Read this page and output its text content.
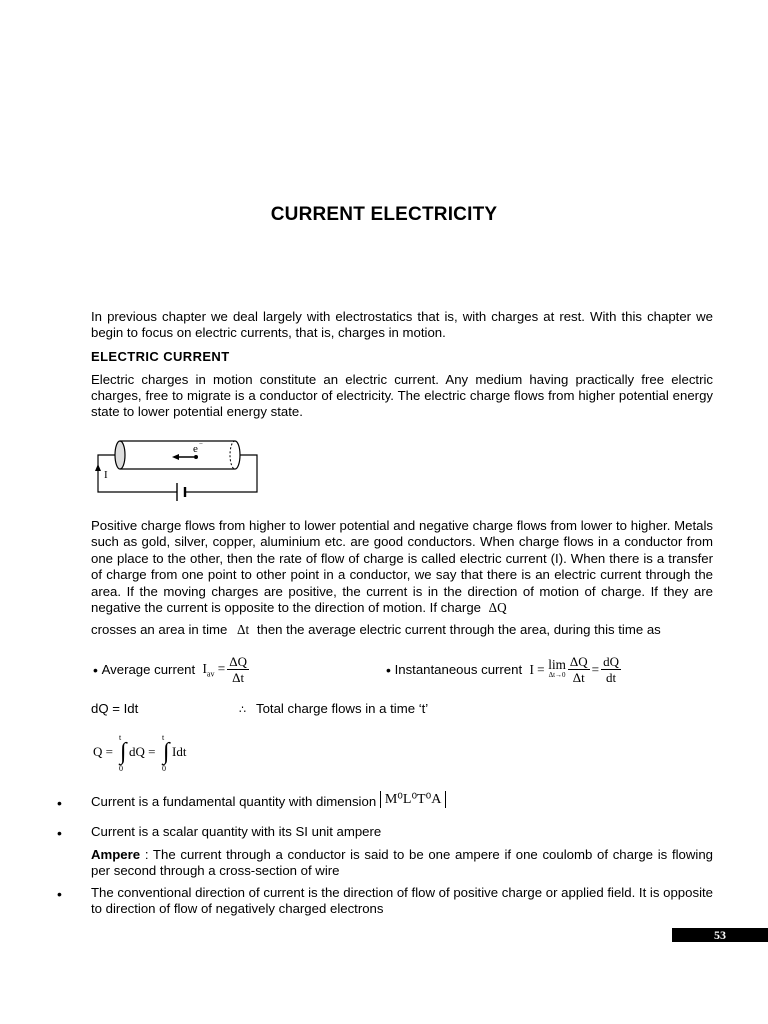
CURRENT ELECTRICITY
In previous chapter we deal largely with electrostatics that is, with charges at rest. With this chapter we begin to focus on electric currents, that is, charges in motion.
ELECTRIC CURRENT
Electric charges in motion constitute an electric current. Any medium having practically free electric charges, free to migrate is a conductor of electricity. The electric charge flows from higher potential energy state to lower potential energy state.
e −
I
Positive charge flows from higher to lower potential and negative charge flows from lower to higher. Metals such as gold, silver, copper, aluminium etc. are good conductors. When charge flows in a conductor from one place to the other, then the rate of flow of charge is called electric current (I). When there is a transfer of charge from one point to other point in a conductor, we say that there is an electric current through the area. If the moving charges are positive, the current is in the direction of motion of charge. If they are negative the current is opposite to the direction of motion. If charge ΔQ
crosses an area in time Δt then the average electric current through the area, during this time as
•
Average current
$I_{av} = \frac{\Delta Q}{\Delta t}$	•
Instantaneous current
I =
lim
$\Delta t\to 0 \frac{\Delta Q}{\Delta t} = \frac{dQ}{dt}$
dQ = Idt	∴ Total charge flows in a time ‘t’
Q =
t
∫
0
dQ =
t
∫
0
Idt
• Current is a fundamental quantity with dimension
M⁰L⁰T⁰A
• Current is a scalar quantity with its SI unit ampere
Ampere : The current through a conductor is said to be one ampere if one coulomb of charge is flowing per second through a cross-section of wire
• The conventional direction of current is the direction of flow of positive charge or applied field. It is opposite to direction of flow of negatively charged electrons
53
